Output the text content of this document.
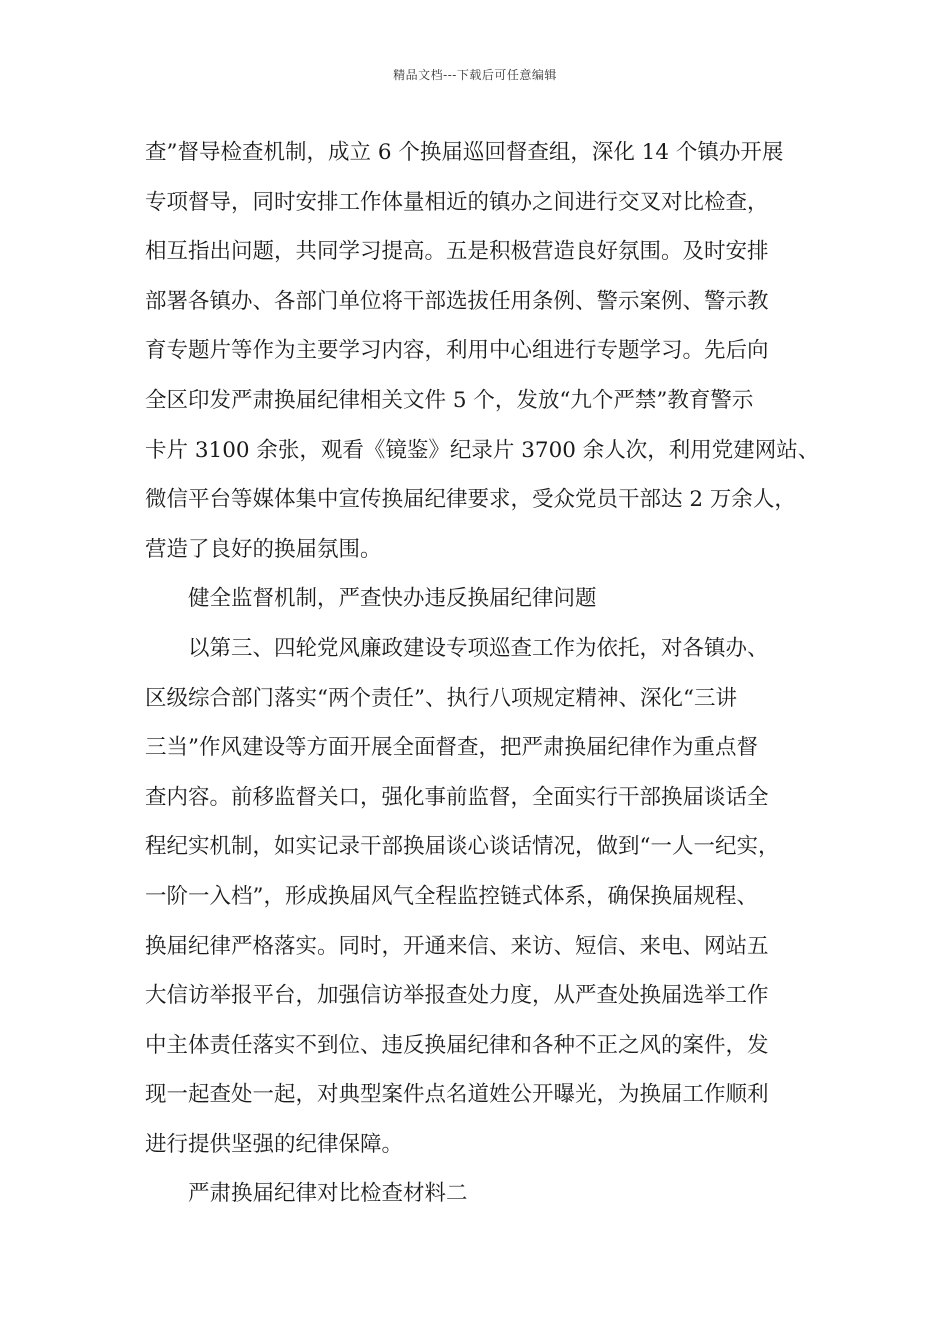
精品文档---下载后可任意编辑
查”督导检查机制，成立 6 个换届巡回督查组，深化 14 个镇办开展
专项督导，同时安排工作体量相近的镇办之间进行交叉对比检查，
相互指出问题，共同学习提高。五是积极营造良好氛围。及时安排
部署各镇办、各部门单位将干部选拔任用条例、警示案例、警示教
育专题片等作为主要学习内容，利用中心组进行专题学习。先后向
全区印发严肃换届纪律相关文件 5 个，发放“九个严禁”教育警示
卡片 3100 余张，观看《镜鉴》纪录片 3700 余人次，利用党建网站、
微信平台等媒体集中宣传换届纪律要求，受众党员干部达 2 万余人，
营造了良好的换届氛围。
健全监督机制，严查快办违反换届纪律问题
以第三、四轮党风廉政建设专项巡查工作为依托，对各镇办、
区级综合部门落实“两个责任”、执行八项规定精神、深化“三讲
三当”作风建设等方面开展全面督查，把严肃换届纪律作为重点督
查内容。前移监督关口，强化事前监督，全面实行干部换届谈话全
程纪实机制，如实记录干部换届谈心谈话情况，做到“一人一纪实，
一阶一入档”，形成换届风气全程监控链式体系，确保换届规程、
换届纪律严格落实。同时，开通来信、来访、短信、来电、网站五
大信访举报平台，加强信访举报查处力度，从严查处换届选举工作
中主体责任落实不到位、违反换届纪律和各种不正之风的案件，发
现一起查处一起，对典型案件点名道姓公开曝光，为换届工作顺利
进行提供坚强的纪律保障。
严肃换届纪律对比检查材料二
